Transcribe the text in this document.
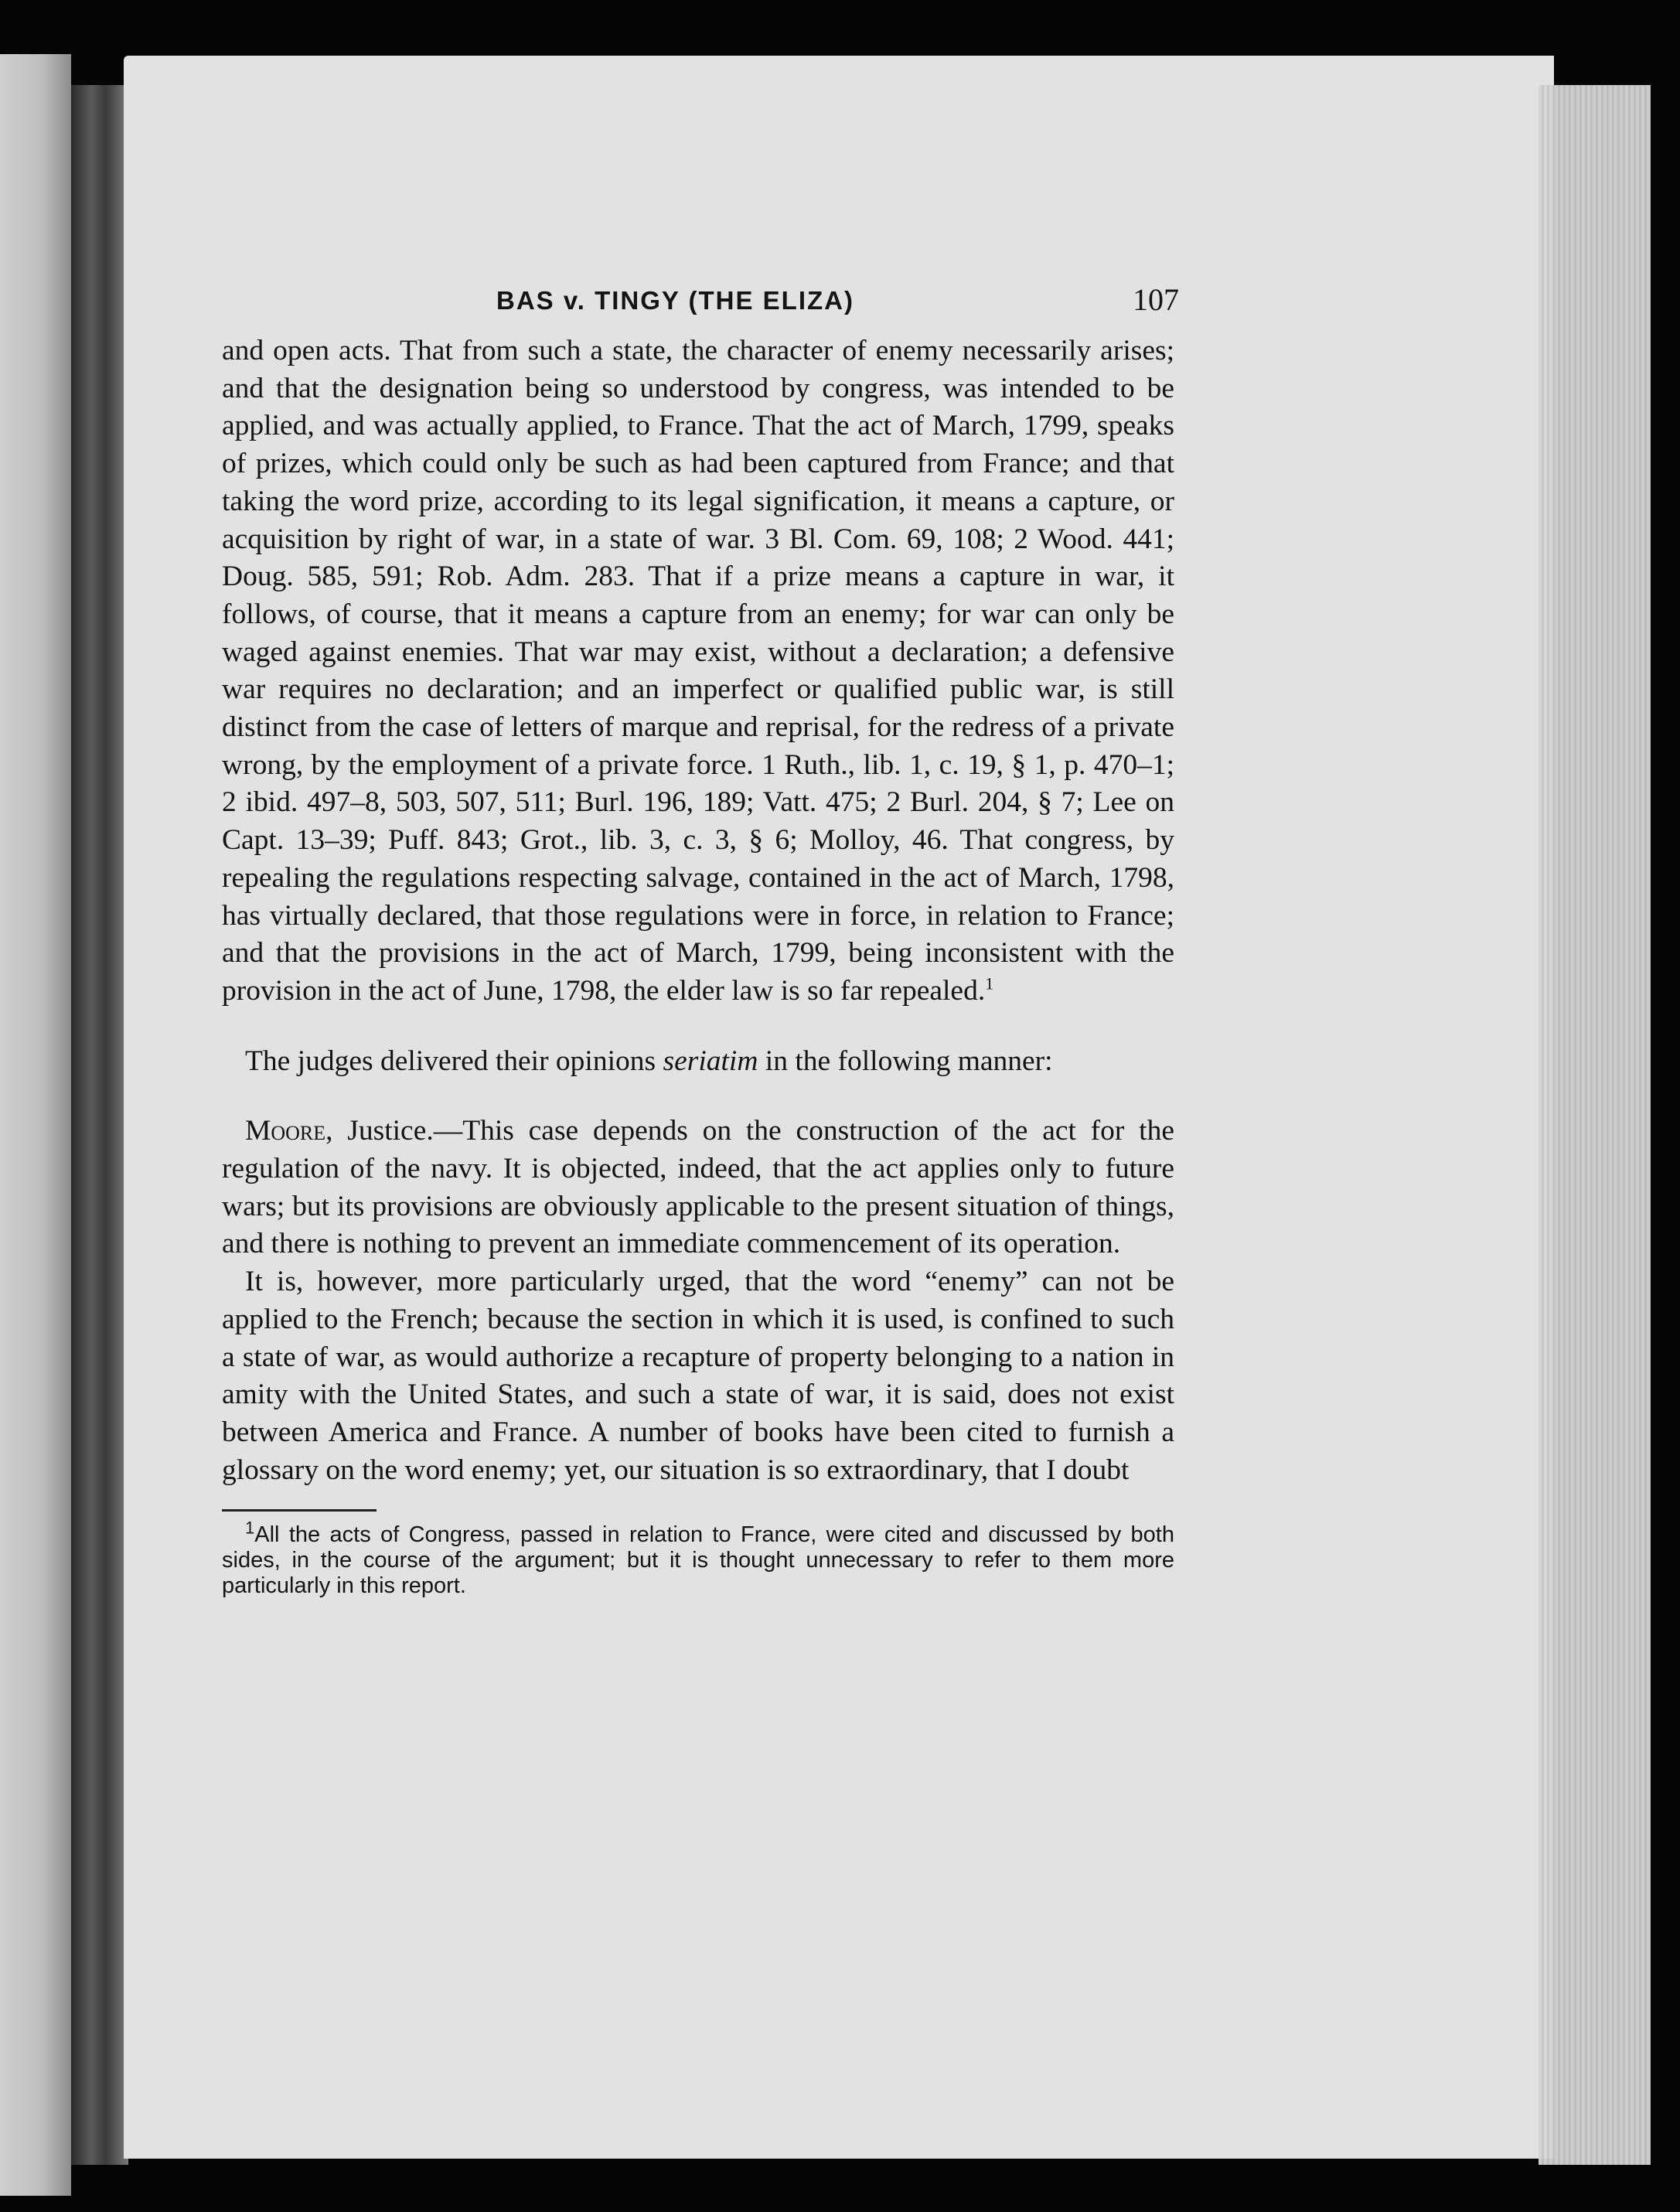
BAS v. TINGY (THE ELIZA)	107

and open acts. That from such a state, the character of enemy necessarily arises; and that the designation being so understood by congress, was intended to be applied, and was actually applied, to France. That the act of March, 1799, speaks of prizes, which could only be such as had been captured from France; and that taking the word prize, according to its legal signification, it means a capture, or acquisition by right of war, in a state of war. 3 Bl. Com. 69, 108; 2 Wood. 441; Doug. 585, 591; Rob. Adm. 283. That if a prize means a capture in war, it follows, of course, that it means a capture from an enemy; for war can only be waged against enemies. That war may exist, without a declaration; a defensive war requires no declaration; and an imperfect or qualified public war, is still distinct from the case of letters of marque and reprisal, for the redress of a private wrong, by the employment of a private force. 1 Ruth., lib. 1, c. 19, § 1, p. 470–1; 2 ibid. 497–8, 503, 507, 511; Burl. 196, 189; Vatt. 475; 2 Burl. 204, § 7; Lee on Capt. 13–39; Puff. 843; Grot., lib. 3, c. 3, § 6; Molloy, 46. That congress, by repealing the regulations respecting salvage, contained in the act of March, 1798, has virtually declared, that those regulations were in force, in relation to France; and that the provisions in the act of March, 1799, being inconsistent with the provision in the act of June, 1798, the elder law is so far repealed.$^1$

The judges delivered their opinions seriatim in the following manner:

Moore, Justice.—This case depends on the construction of the act for the regulation of the navy. It is objected, indeed, that the act applies only to future wars; but its provisions are obviously applicable to the present situation of things, and there is nothing to prevent an immediate commencement of its operation.

It is, however, more particularly urged, that the word “enemy” can not be applied to the French; because the section in which it is used, is confined to such a state of war, as would authorize a recapture of property belonging to a nation in amity with the United States, and such a state of war, it is said, does not exist between America and France. A number of books have been cited to furnish a glossary on the word enemy; yet, our situation is so extraordinary, that I doubt

$^1$All the acts of Congress, passed in relation to France, were cited and discussed by both sides, in the course of the argument; but it is thought unnecessary to refer to them more particularly in this report.
